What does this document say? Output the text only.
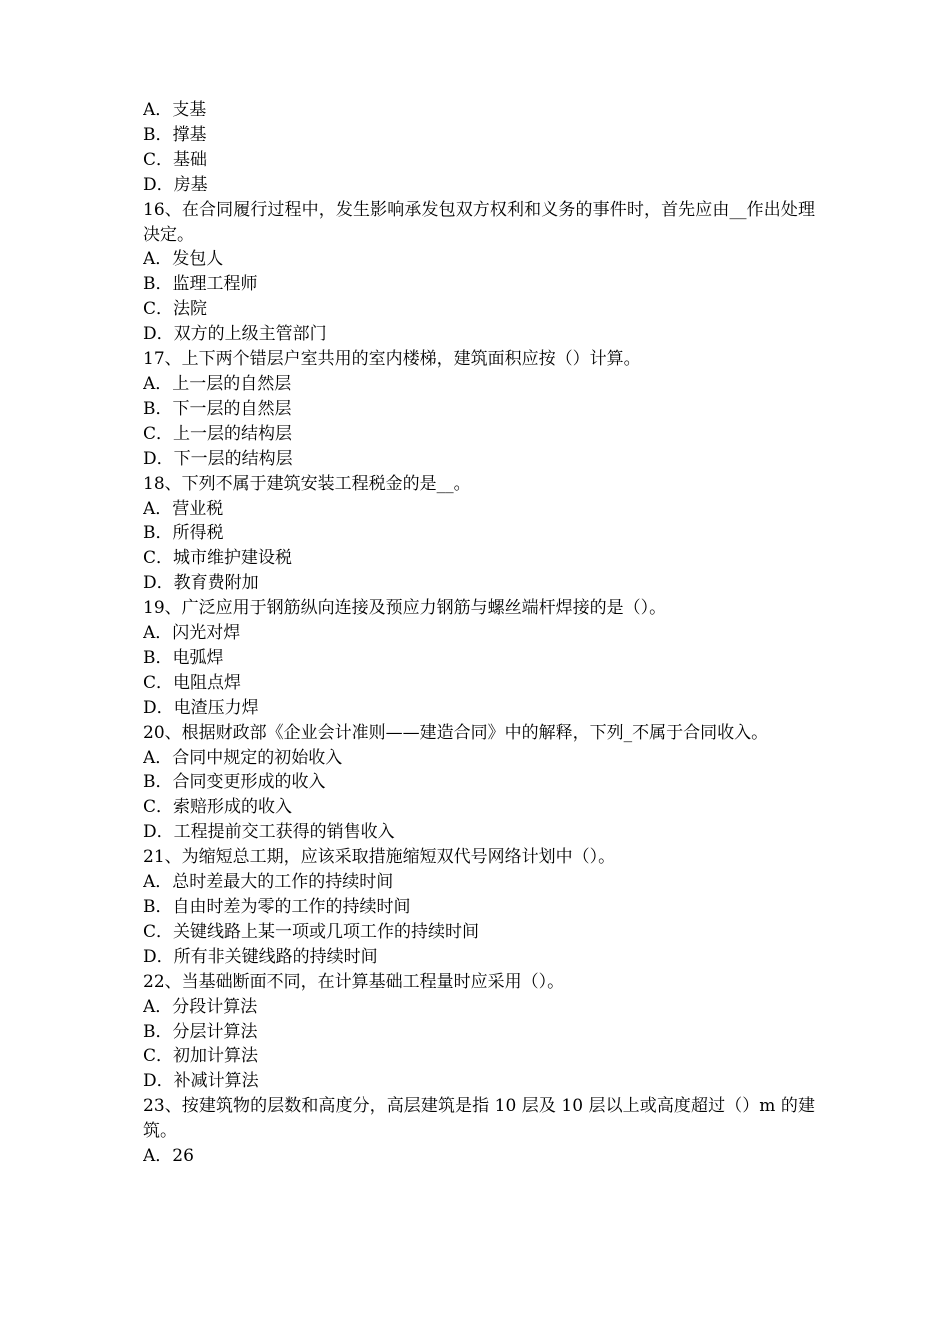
A．支基
B．撑基
C．基础
D．房基
16、在合同履行过程中，发生影响承发包双方权利和义务的事件时，首先应由__作出处理决定。
A．发包人
B．监理工程师
C．法院
D．双方的上级主管部门
17、上下两个错层户室共用的室内楼梯，建筑面积应按（）计算。
A．上一层的自然层
B．下一层的自然层
C．上一层的结构层
D．下一层的结构层
18、下列不属于建筑安装工程税金的是__。
A．营业税
B．所得税
C．城市维护建设税
D．教育费附加
19、广泛应用于钢筋纵向连接及预应力钢筋与螺丝端杆焊接的是（）。
A．闪光对焊
B．电弧焊
C．电阻点焊
D．电渣压力焊
20、根据财政部《企业会计准则——建造合同》中的解释，下列_不属于合同收入。
A．合同中规定的初始收入
B．合同变更形成的收入
C．索赔形成的收入
D．工程提前交工获得的销售收入
21、为缩短总工期，应该采取措施缩短双代号网络计划中（）。
A．总时差最大的工作的持续时间
B．自由时差为零的工作的持续时间
C．关键线路上某一项或几项工作的持续时间
D．所有非关键线路的持续时间
22、当基础断面不同，在计算基础工程量时应采用（）。
A．分段计算法
B．分层计算法
C．初加计算法
D．补减计算法
23、按建筑物的层数和高度分，高层建筑是指 10 层及 10 层以上或高度超过（）m 的建筑。
A．26
